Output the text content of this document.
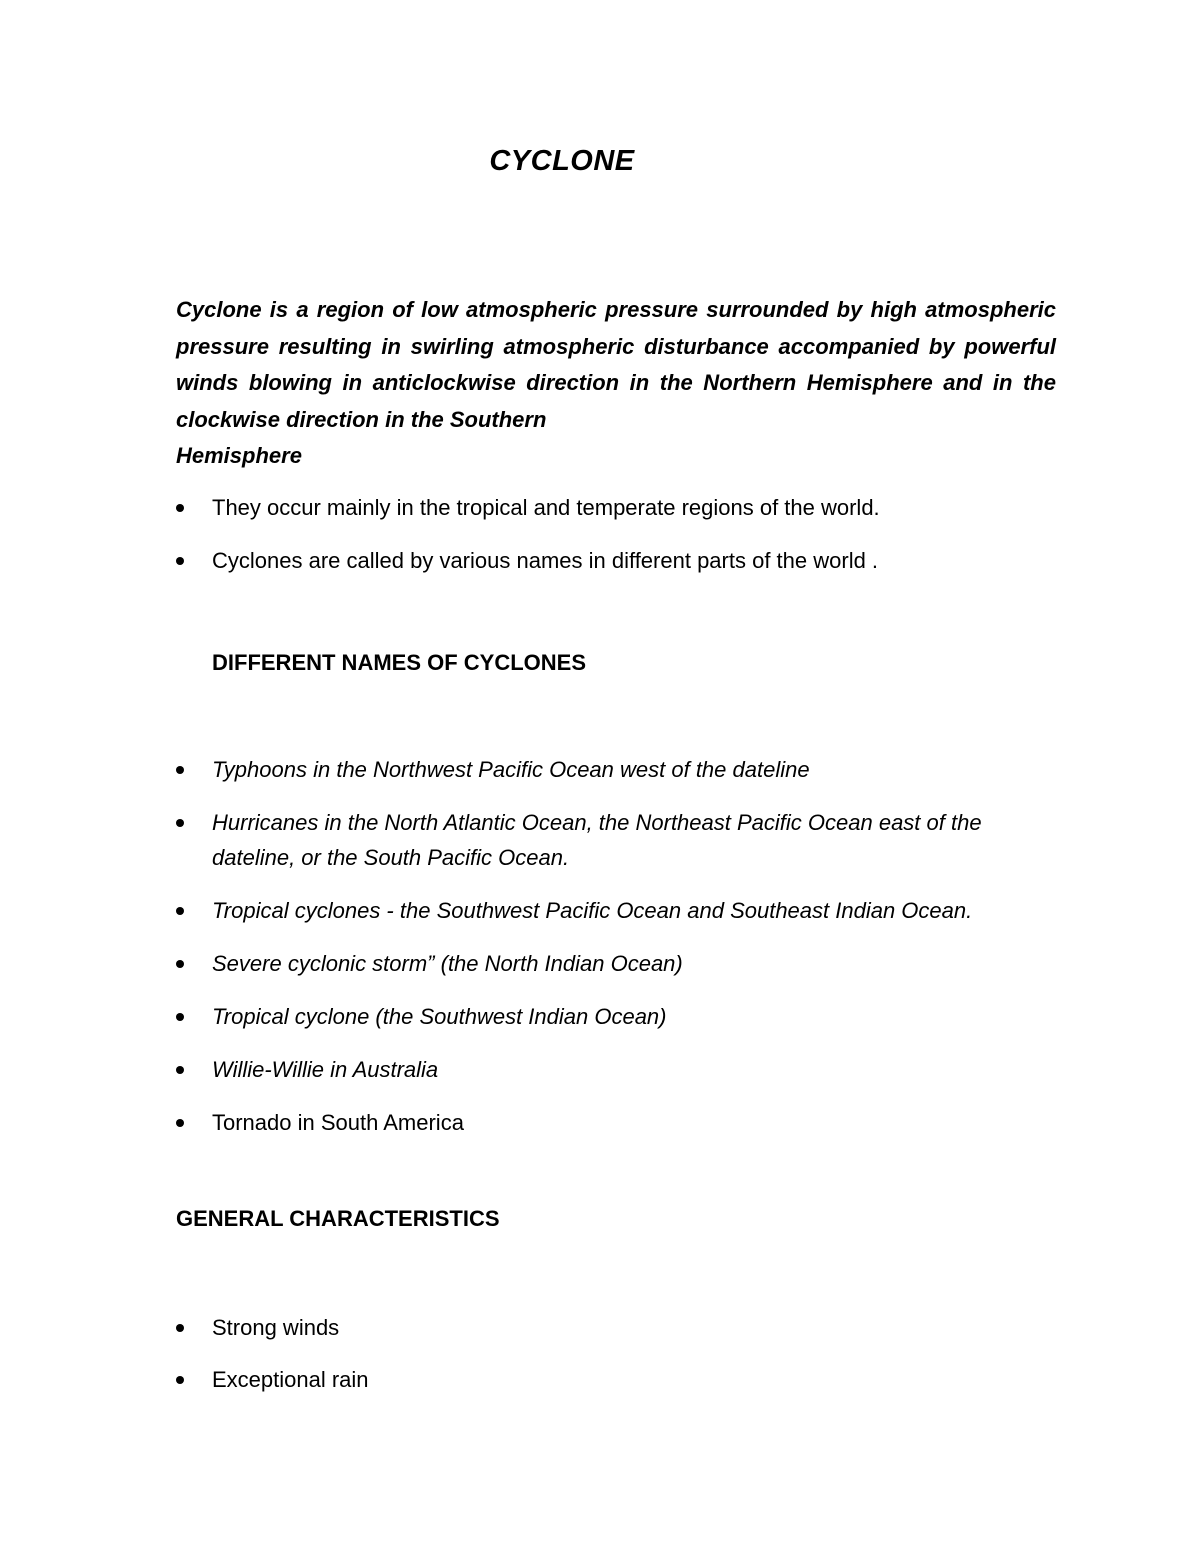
CYCLONE
Cyclone is a region of low atmospheric pressure surrounded by high atmospheric pressure resulting in swirling atmospheric disturbance accompanied by powerful winds blowing in anticlockwise direction in the Northern Hemisphere and in the clockwise direction in the Southern
Hemisphere
They occur mainly in the tropical and temperate regions of the world.
Cyclones are called by various names in different parts of the world .
DIFFERENT NAMES OF CYCLONES
Typhoons in the Northwest Pacific Ocean west of the dateline
Hurricanes in the North Atlantic Ocean, the Northeast Pacific Ocean east of the dateline, or the South Pacific Ocean.
Tropical cyclones - the Southwest Pacific Ocean and Southeast Indian Ocean.
Severe cyclonic storm” (the North Indian Ocean)
Tropical cyclone (the Southwest Indian Ocean)
Willie-Willie in Australia
Tornado in South America
GENERAL CHARACTERISTICS
Strong winds
Exceptional rain
